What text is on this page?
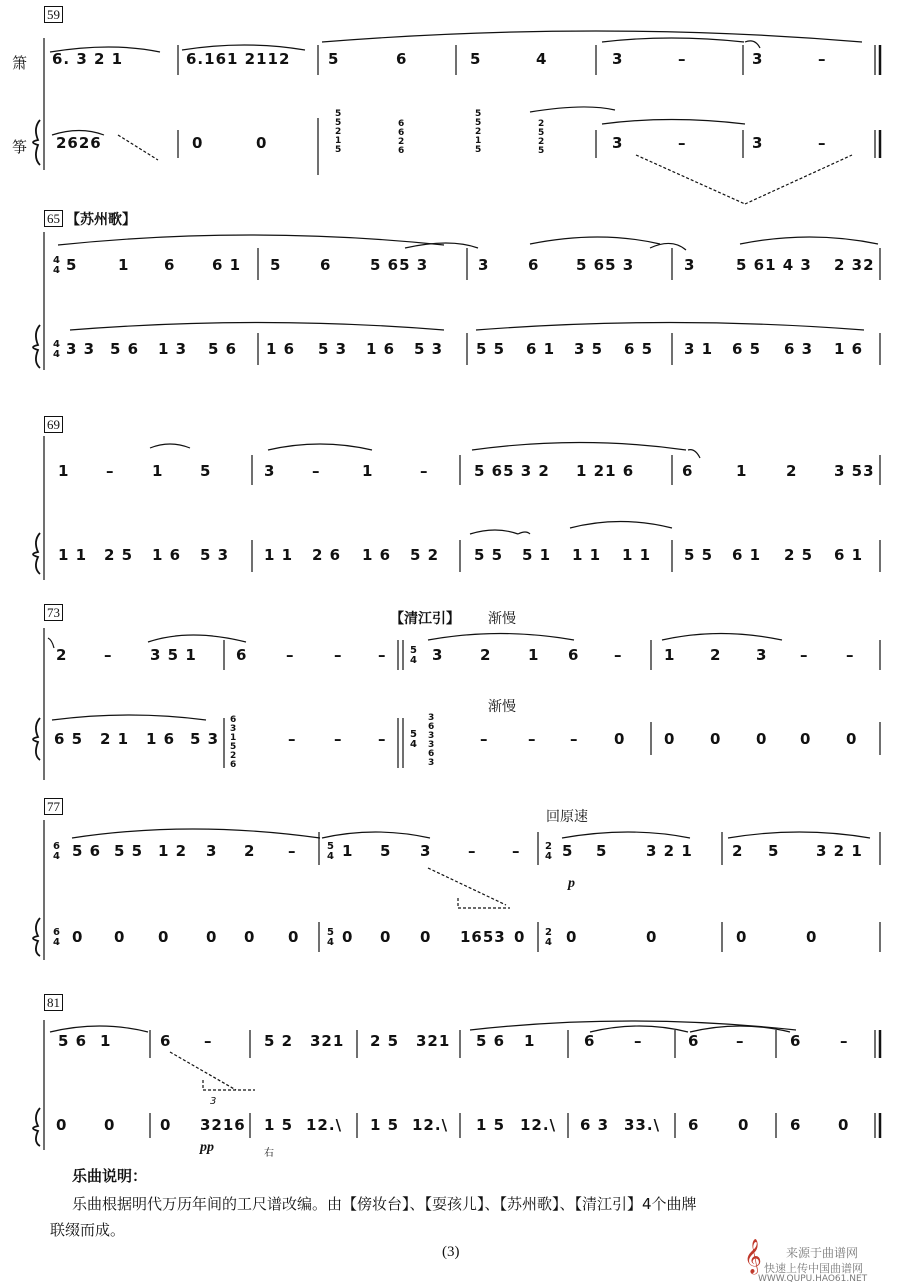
箫
筝
59
65
69
73
77
81
【苏州歌】
【清江引】 渐慢
渐慢
回原速
6. 3 2 1	6.161 2112	5	6	5	4	3	–	3	–
2626	0	0	3	–	3	–
5 5 2 1 5
6 6 2 6
5 5 2 1 5
2 5 2 5
4
4 5	1 6 6 1 5	6	5 65 3	3	6 5 65 3	3	5 61 4 3 2 32
4
4 3 3 5 6 1 3 5 6 1 6 5 3 1 6 5 3 5 5 6 1 3 5 6 5 3 1 6 5 6 3 1 6
1 –	1 5	3 –	1	–	5 65 3 2 1 21 6	6	1	2 3 53
1 1 2 5 1 6 5 3 1 1 2 6 1 6 5 2 5 5 5 1 1 1 1 1 5 5 6 1 2 5 6 1
2 –	3 5 1	6	–	– – 5
4 3 2 1 6 –	1 2 3 –	–
6 5 2 1 1 6 5 3
6 3 1 5 2 6
–	– – 5
4
3 6 3 3 6 3
–	– – 0	0 0 0 0 0
6
4 5 6 5 5 1 2 3 2 –	5
4 1 5 3 – – 2
4 5 5	3 2 1	2 5 3 2 1
p
6
4 0 0 0 0 0 0	5
4 0 0 0 1653 0 2
4 0	0	0	0
5 6 1	6 –	5 2 321 2 5 321 5 6 1	6	–	6 –	6	–
0 0	0 3216 1 5 12.\ 1 5 12.\ 1 5 12.\ 6 3 33.\ 6	0	6 0
3
pp	右
乐曲说明：
乐曲根据明代万历年间的工尺谱改编。由【傍妆台】、【耍孩儿】、【苏州歌】、【清江引】4个曲牌
联缀而成。
(3)	𝄞 来源于曲谱网
快速上传中国曲谱网
WWW.QUPU.HAO61.NET
